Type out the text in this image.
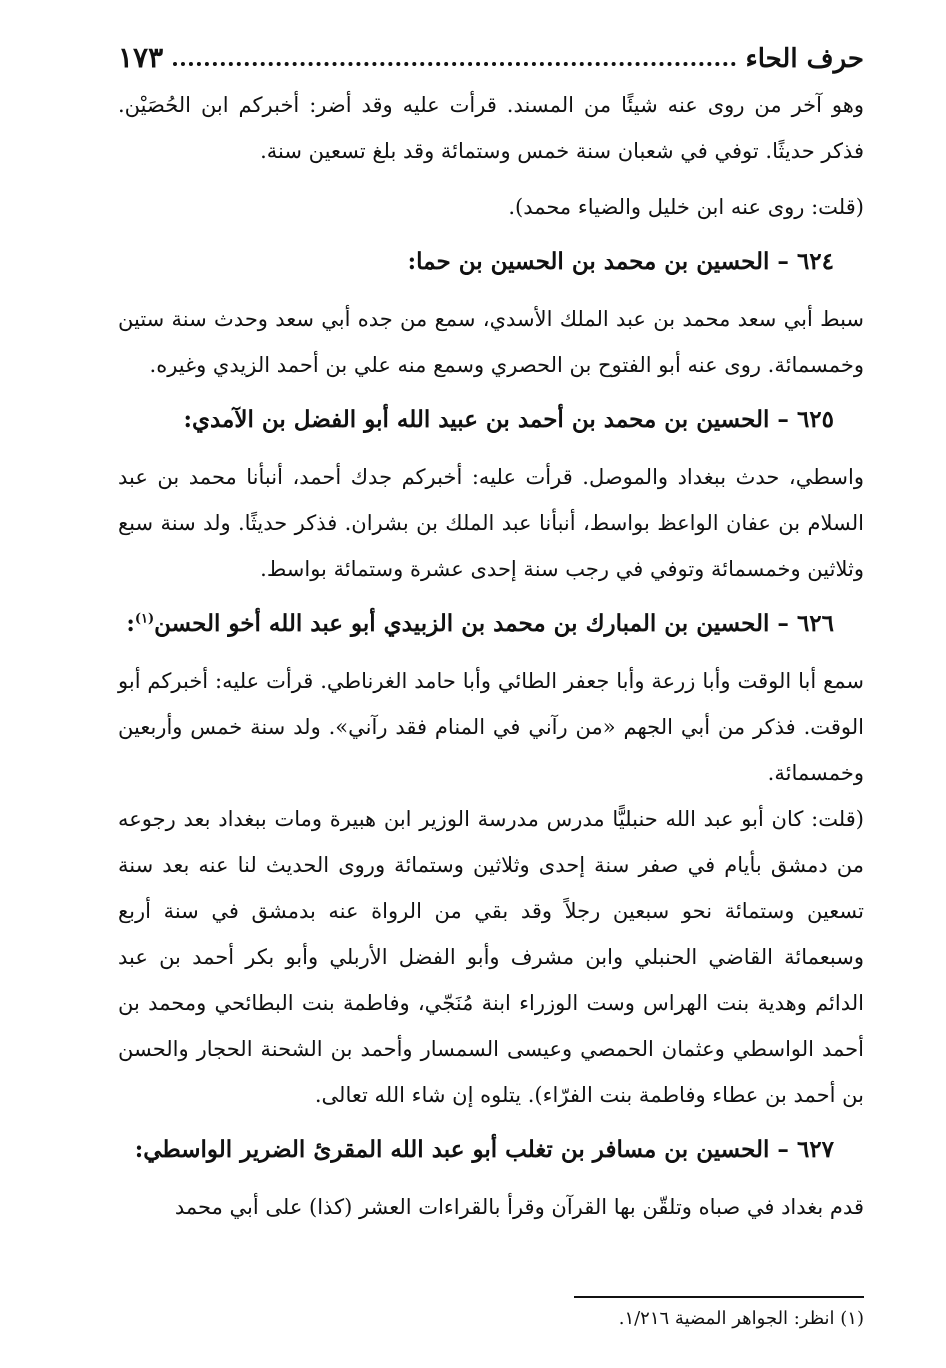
حرف الحاء
١٧٣

وهو آخر من روى عنه شيئًا من المسند. قرأت عليه وقد أضر: أخبركم ابن الحُصَيْن. فذكر حديثًا. توفي في شعبان سنة خمس وستمائة وقد بلغ تسعين سنة.

(قلت: روى عنه ابن خليل والضياء محمد).

٦٢٤ – الحسين بن محمد بن الحسين بن حما:

سبط أبي سعد محمد بن عبد الملك الأسدي، سمع من جده أبي سعد وحدث سنة ستين وخمسمائة. روى عنه أبو الفتوح بن الحصري وسمع منه علي بن أحمد الزيدي وغيره.

٦٢٥ – الحسين بن محمد بن أحمد بن عبيد الله أبو الفضل بن الآمدي:

واسطي، حدث ببغداد والموصل. قرأت عليه: أخبركم جدك أحمد، أنبأنا محمد بن عبد السلام بن عفان الواعظ بواسط، أنبأنا عبد الملك بن بشران. فذكر حديثًا. ولد سنة سبع وثلاثين وخمسمائة وتوفي في رجب سنة إحدى عشرة وستمائة بواسط.

٦٢٦ – الحسين بن المبارك بن محمد بن الزبيدي أبو عبد الله أخو الحسن$^{(١)}$:

سمع أبا الوقت وأبا زرعة وأبا جعفر الطائي وأبا حامد الغرناطي. قرأت عليه: أخبركم أبو الوقت. فذكر من أبي الجهم «من رآني في المنام فقد رآني». ولد سنة خمس وأربعين وخمسمائة.

(قلت: كان أبو عبد الله حنبليًّا مدرس مدرسة الوزير ابن هبيرة ومات ببغداد بعد رجوعه من دمشق بأيام في صفر سنة إحدى وثلاثين وستمائة وروى الحديث لنا عنه بعد سنة تسعين وستمائة نحو سبعين رجلاً وقد بقي من الرواة عنه بدمشق في سنة أربع وسبعمائة القاضي الحنبلي وابن مشرف وأبو الفضل الأربلي وأبو بكر أحمد بن عبد الدائم وهدية بنت الهراس وست الوزراء ابنة مُنَجّي، وفاطمة بنت البطائحي ومحمد بن أحمد الواسطي وعثمان الحمصي وعيسى السمسار وأحمد بن الشحنة الحجار والحسن بن أحمد بن عطاء وفاطمة بنت الفرّاء). يتلوه إن شاء الله تعالى.

٦٢٧ – الحسين بن مسافر بن تغلب أبو عبد الله المقرئ الضرير الواسطي:

قدم بغداد في صباه وتلقّن بها القرآن وقرأ بالقراءات العشر (كذا) على أبي محمد

(١) انظر: الجواهر المضية ١/٢١٦.
